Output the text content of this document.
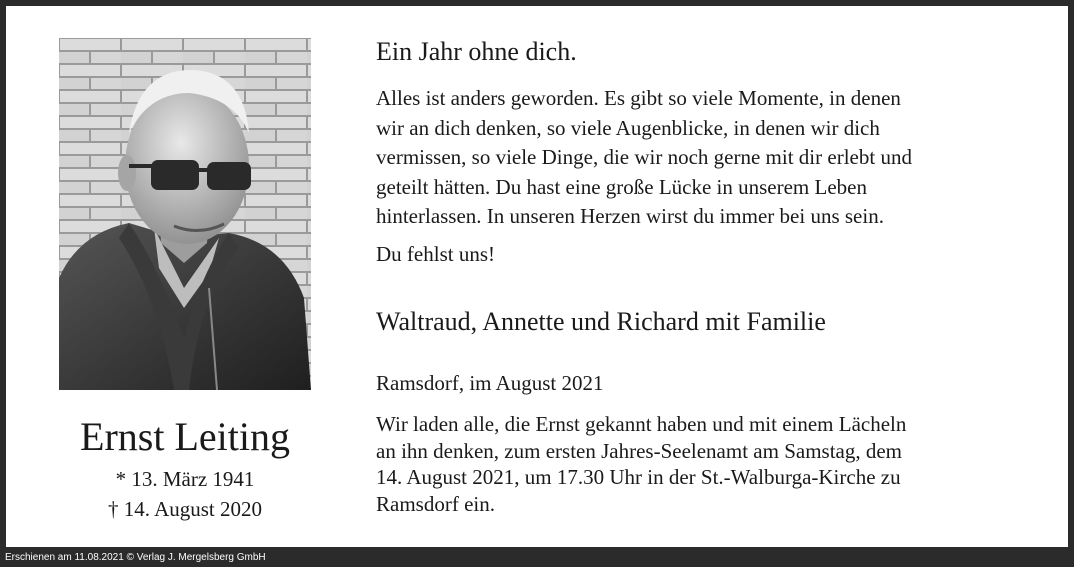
Ernst Leiting
* 13. März 1941
† 14. August 2020
Ein Jahr ohne dich.
Alles ist anders geworden. Es gibt so viele Momente, in denen
wir an dich denken, so viele Augenblicke, in denen wir dich
vermissen, so viele Dinge, die wir noch gerne mit dir erlebt und
geteilt hätten. Du hast eine große Lücke in unserem Leben
hinterlassen. In unseren Herzen wirst du immer bei uns sein.
Du fehlst uns!
Waltraud, Annette und Richard mit Familie
Ramsdorf, im August 2021
Wir laden alle, die Ernst gekannt haben und mit einem Lächeln
an ihn denken, zum ersten Jahres-Seelenamt am Samstag, dem
14. August 2021, um 17.30 Uhr in der St.-Walburga-Kirche zu
Ramsdorf ein.
Erschienen am 11.08.2021 © Verlag J. Mergelsberg GmbH
